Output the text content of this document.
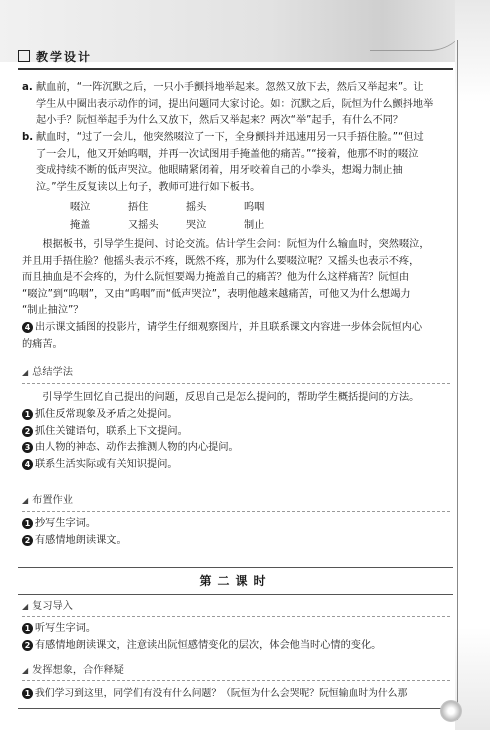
教学设计
a. 献血前，“一阵沉默之后，一只小手颤抖地举起来。忽然又放下去，然后又举起来”。让
学生从中圈出表示动作的词，提出问题同大家讨论。如：沉默之后，阮恒为什么颤抖地举
起小手？阮恒举起手为什么又放下，然后又举起来？两次“举”起手，有什么不同？
b. 献血时，“过了一会儿，他突然啜泣了一下，全身颤抖并迅速用另一只手捂住脸。”“但过
了一会儿，他又开始呜咽，并再一次试图用手掩盖他的痛苦。”“接着，他那不时的啜泣
变成持续不断的低声哭泣。他眼睛紧闭着，用牙咬着自己的小拳头，想竭力制止抽
泣。”学生反复读以上句子，教师可进行如下板书。
啜泣	捂住	摇头	呜咽
掩盖	又摇头	哭泣	制止
根据板书，引导学生提问、讨论交流。估计学生会问：阮恒为什么输血时，突然啜泣，
并且用手捂住脸？他摇头表示不疼，既然不疼，那为什么要啜泣呢？又摇头也表示不疼，
而且抽血是不会疼的，为什么阮恒要竭力掩盖自己的痛苦？他为什么这样痛苦？阮恒由
“啜泣”到“呜咽”，又由“呜咽”而“低声哭泣”，表明他越来越痛苦，可他又为什么想竭力
“制止抽泣”？
4 出示课文插图的投影片，请学生仔细观察图片，并且联系课文内容进一步体会阮恒内心
的痛苦。
◢ 总结学法
引导学生回忆自己提出的问题，反思自己是怎么提问的，帮助学生概括提问的方法。
1 抓住反常现象及矛盾之处提问。
2 抓住关键语句，联系上下文提问。
3 由人物的神态、动作去推测人物的内心提问。
4 联系生活实际或有关知识提问。
◢ 布置作业
1 抄写生字词。
2 有感情地朗读课文。
第二课时
◢ 复习导入
1 听写生字词。
2 有感情地朗读课文，注意读出阮恒感情变化的层次，体会他当时心情的变化。
◢ 发挥想象，合作释疑
1 我们学习到这里，同学们有没有什么问题？（阮恒为什么会哭呢？阮恒输血时为什么那
